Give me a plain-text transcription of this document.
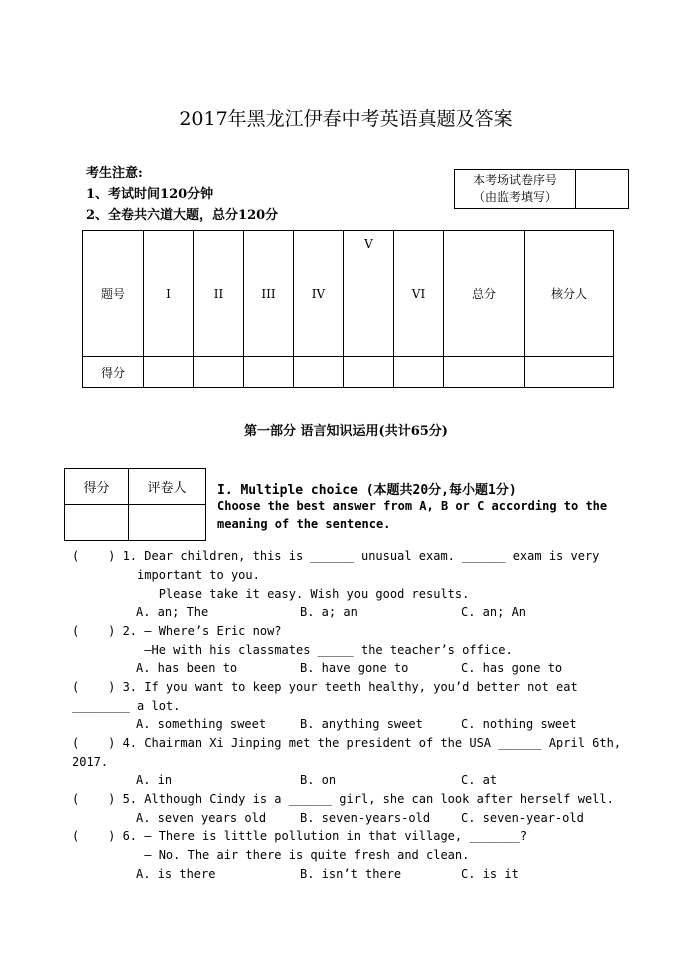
2017年黑龙江伊春中考英语真题及答案
考生注意:
1、考试时间120分钟
2、全卷共六道大题，总分120分
本考场试卷序号
（由监考填写）

题号	I	II	III	IV	V	VI	总分	核分人
得分								
第一部分 语言知识运用(共计65分)
得分	评卷人
	I. Multiple choice (本题共20分,每小题1分)
Choose the best answer from A, B or C according to the
meaning of the sentence.
(    ) 1. Dear children, this is ______ unusual exam. ______ exam is very
important to you.
Please take it easy. Wish you good results.
A. an; The	B. a; an	C. an; An
(    ) 2. — Where’s Eric now?
—He with his classmates _____ the teacher’s office.
A. has been to	B. have gone to	C. has gone to
(    ) 3. If you want to keep your teeth healthy, you’d better not eat
________ a lot.
A. something sweet	B. anything sweet	C. nothing sweet
(    ) 4. Chairman Xi Jinping met the president of the USA ______ April 6th,
2017.
A. in	B. on	C. at
(    ) 5. Although Cindy is a ______ girl, she can look after herself well.
A. seven years old	B. seven-years-old	C. seven-year-old
(    ) 6. — There is little pollution in that village, _______?
— No. The air there is quite fresh and clean.
A. is there	B. isn’t there	C. is it
